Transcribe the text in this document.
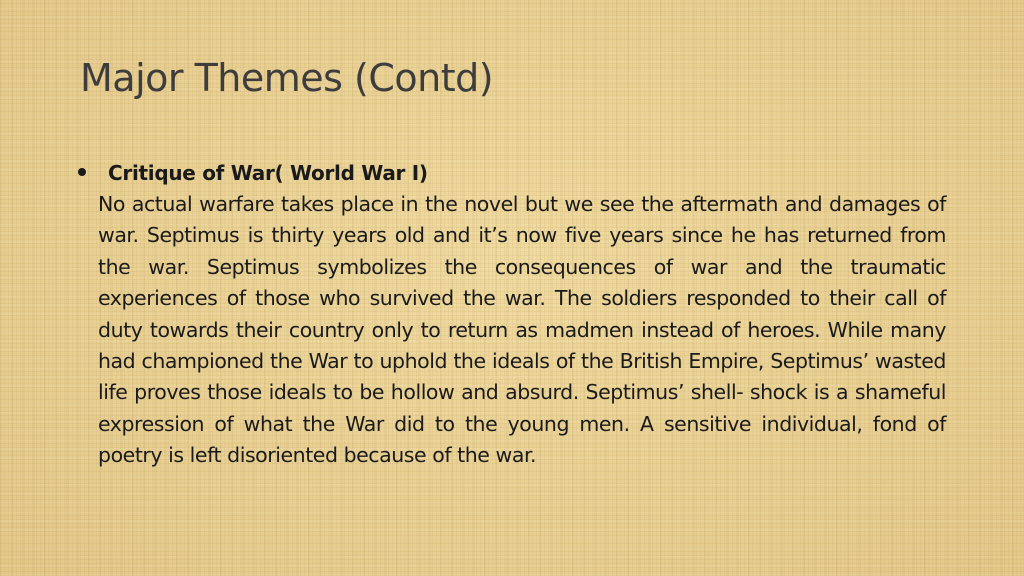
Major Themes (Contd)
Critique of War( World War I)

No actual warfare takes place in the novel but we see the aftermath and damages of war. Septimus is thirty years old and it’s now five years since he has returned from the war. Septimus symbolizes the consequences of war and the traumatic experiences of those who survived the war. The soldiers responded to their call of duty towards their country only to return as madmen instead of heroes. While many had championed the War to uphold the ideals of the British Empire, Septimus’ wasted life proves those ideals to be hollow and absurd. Septimus’ shell- shock is a shameful expression of what the War did to the young men. A sensitive individual, fond of poetry is left disoriented because of the war.
